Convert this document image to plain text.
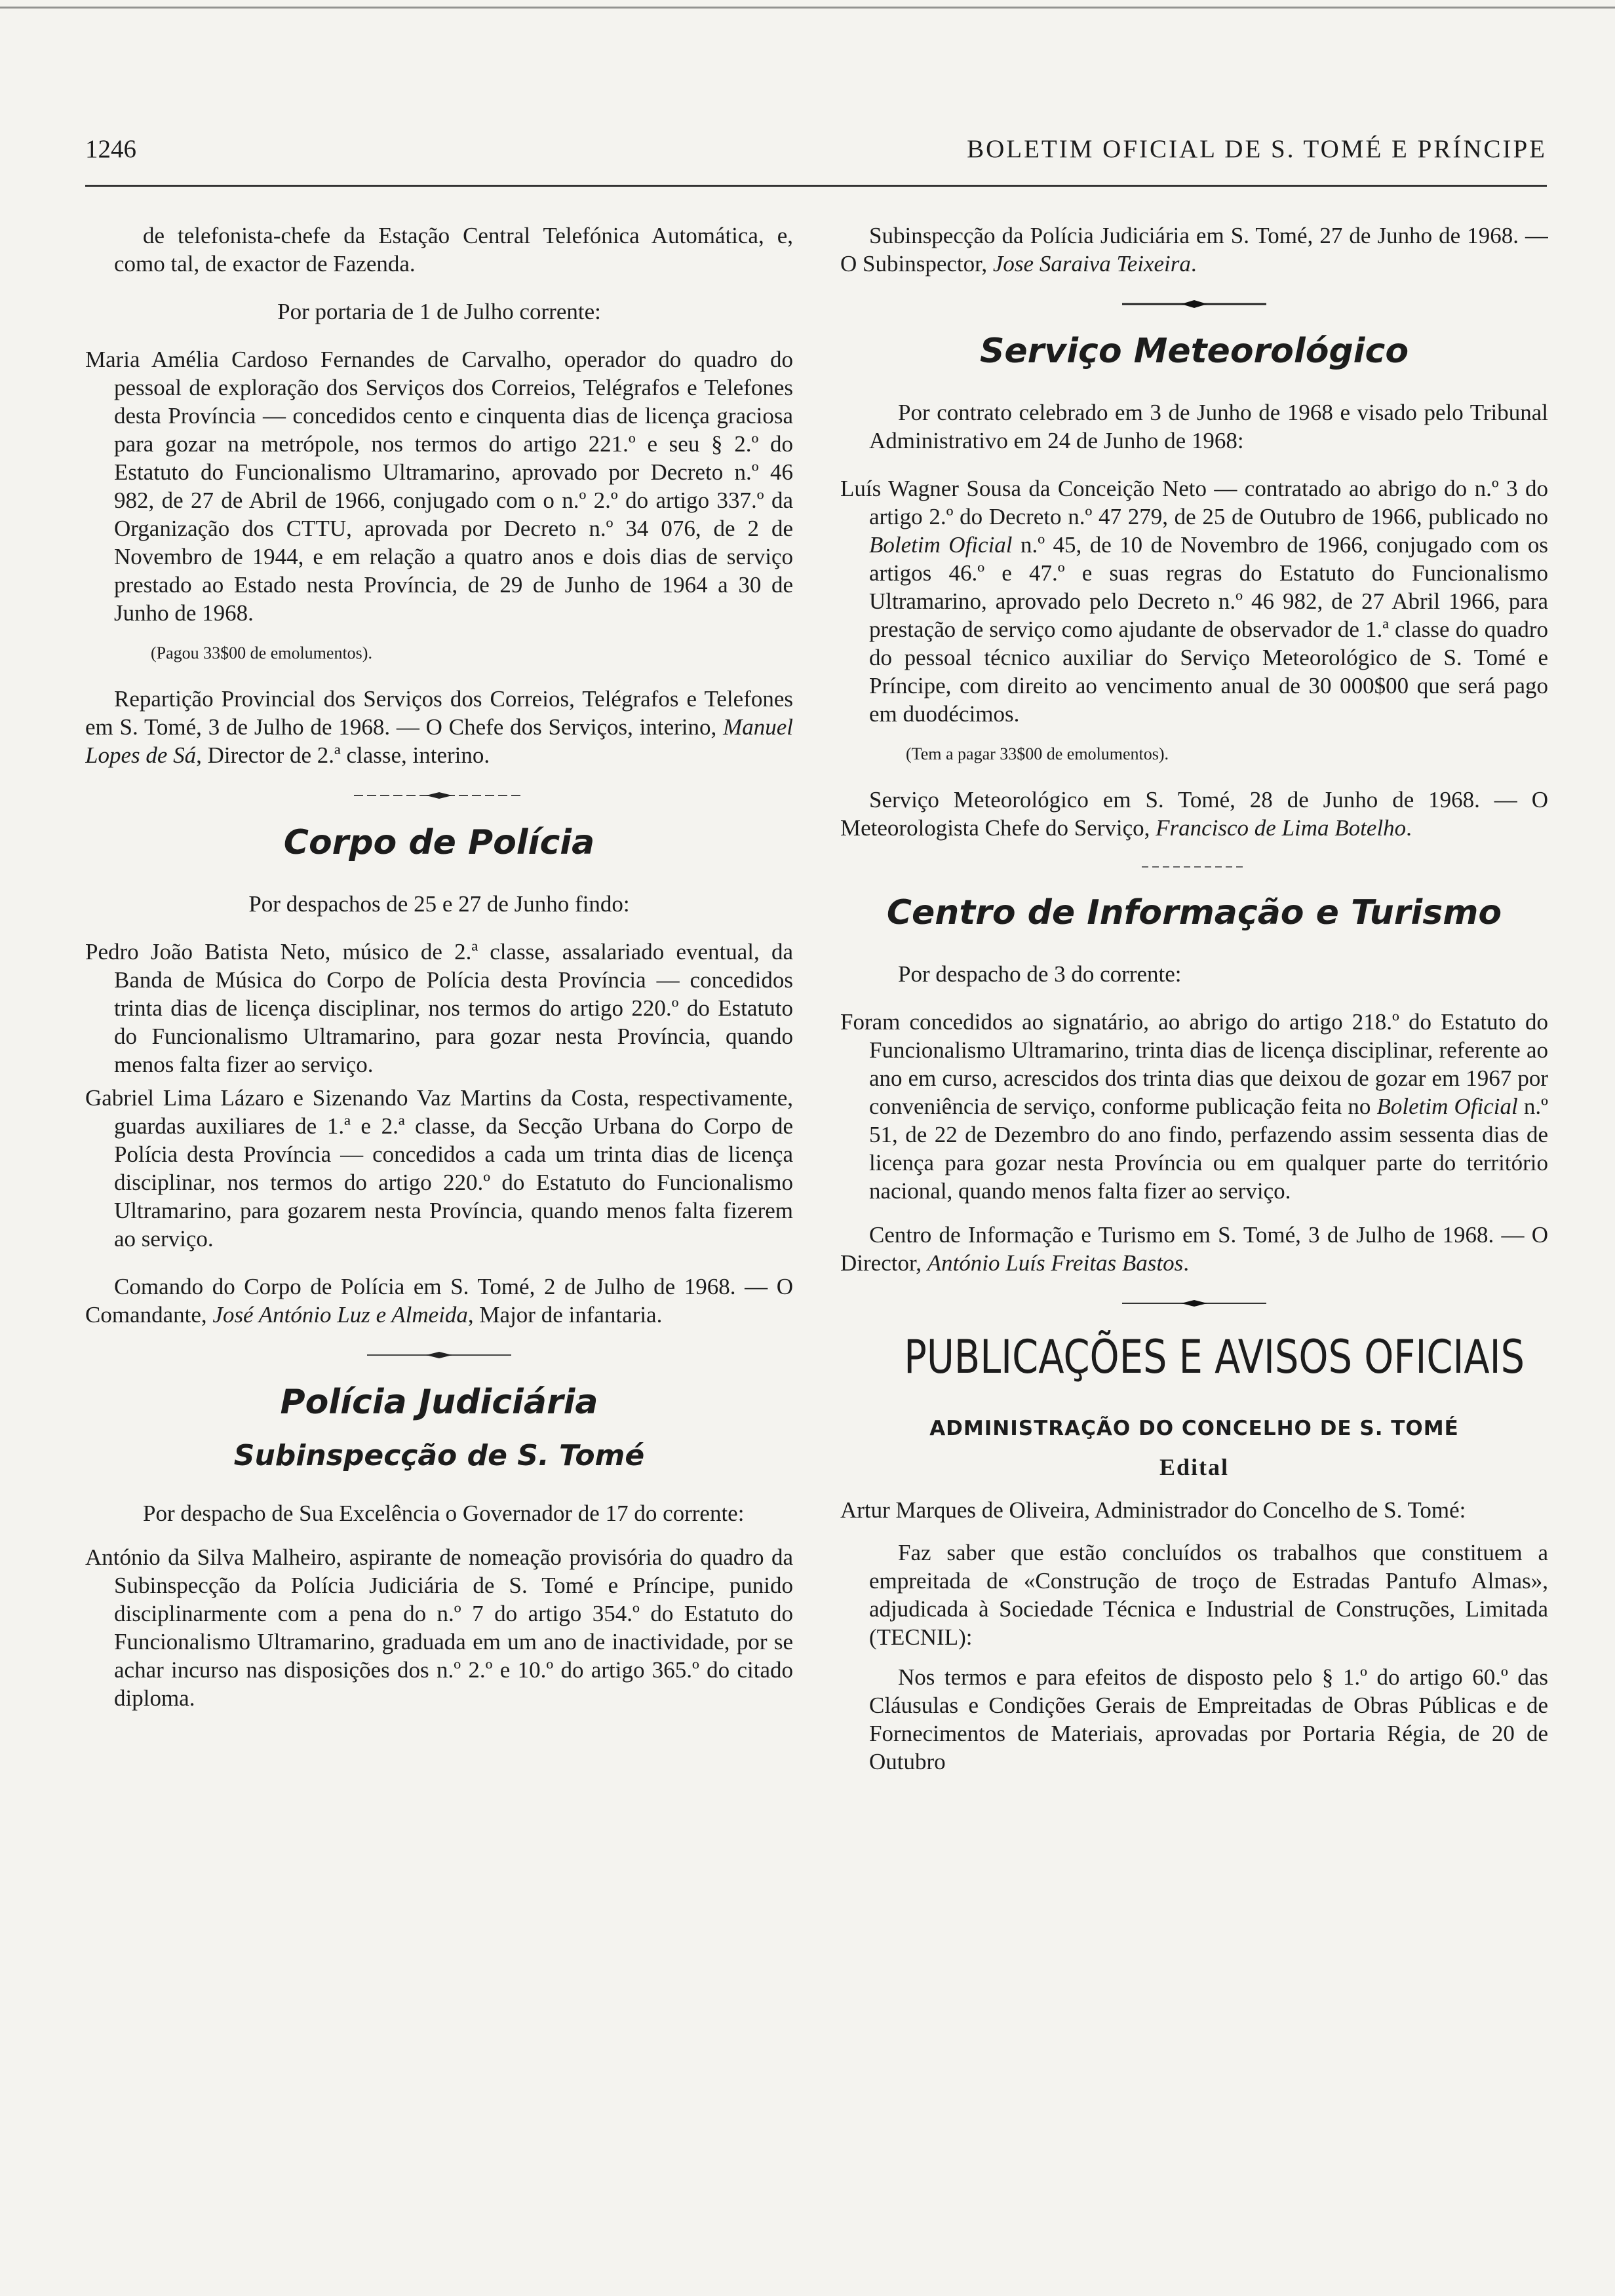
1246	BOLETIM OFICIAL DE S. TOMÉ E PRÍNCIPE

de telefonista-chefe da Estação Central Telefónica Automática, e, como tal, de exactor de Fazenda.

Por portaria de 1 de Julho corrente:

Maria Amélia Cardoso Fernandes de Carvalho, operador do quadro do pessoal de exploração dos Serviços dos Correios, Telégrafos e Telefones desta Província — concedidos cento e cinquenta dias de licença graciosa para gozar na metrópole, nos termos do artigo 221.º e seu § 2.º do Estatuto do Funcionalismo Ultramarino, aprovado por Decreto n.º 46 982, de 27 de Abril de 1966, conjugado com o n.º 2.º do artigo 337.º da Organização dos CTTU, aprovada por Decreto n.º 34 076, de 2 de Novembro de 1944, e em relação a quatro anos e dois dias de serviço prestado ao Estado nesta Província, de 29 de Junho de 1964 a 30 de Junho de 1968.

(Pagou 33$00 de emolumentos).

Repartição Provincial dos Serviços dos Correios, Telégrafos e Telefones em S. Tomé, 3 de Julho de 1968. — O Chefe dos Serviços, interino, Manuel Lopes de Sá, Director de 2.ª classe, interino.

Corpo de Polícia

Por despachos de 25 e 27 de Junho findo:

Pedro João Batista Neto, músico de 2.ª classe, assalariado eventual, da Banda de Música do Corpo de Polícia desta Província — concedidos trinta dias de licença disciplinar, nos termos do artigo 220.º do Estatuto do Funcionalismo Ultramarino, para gozar nesta Província, quando menos falta fizer ao serviço.

Gabriel Lima Lázaro e Sizenando Vaz Martins da Costa, respectivamente, guardas auxiliares de 1.ª e 2.ª classe, da Secção Urbana do Corpo de Polícia desta Província — concedidos a cada um trinta dias de licença disciplinar, nos termos do artigo 220.º do Estatuto do Funcionalismo Ultramarino, para gozarem nesta Província, quando menos falta fizerem ao serviço.

Comando do Corpo de Polícia em S. Tomé, 2 de Julho de 1968. — O Comandante, José António Luz e Almeida, Major de infantaria.

Polícia Judiciária
Subinspecção de S. Tomé

Por despacho de Sua Excelência o Governador de 17 do corrente:

António da Silva Malheiro, aspirante de nomeação provisória do quadro da Subinspecção da Polícia Judiciária de S. Tomé e Príncipe, punido disciplinarmente com a pena do n.º 7 do artigo 354.º do Estatuto do Funcionalismo Ultramarino, graduada em um ano de inactividade, por se achar incurso nas disposições dos n.º 2.º e 10.º do artigo 365.º do citado diploma.

Subinspecção da Polícia Judiciária em S. Tomé, 27 de Junho de 1968. — O Subinspector, Jose Saraiva Teixeira.

Serviço Meteorológico

Por contrato celebrado em 3 de Junho de 1968 e visado pelo Tribunal Administrativo em 24 de Junho de 1968:

Luís Wagner Sousa da Conceição Neto — contratado ao abrigo do n.º 3 do artigo 2.º do Decreto n.º 47 279, de 25 de Outubro de 1966, publicado no Boletim Oficial n.º 45, de 10 de Novembro de 1966, conjugado com os artigos 46.º e 47.º e suas regras do Estatuto do Funcionalismo Ultramarino, aprovado pelo Decreto n.º 46 982, de 27 Abril 1966, para prestação de serviço como ajudante de observador de 1.ª classe do quadro do pessoal técnico auxiliar do Serviço Meteorológico de S. Tomé e Príncipe, com direito ao vencimento anual de 30 000$00 que será pago em duodécimos.

(Tem a pagar 33$00 de emolumentos).

Serviço Meteorológico em S. Tomé, 28 de Junho de 1968. — O Meteorologista Chefe do Serviço, Francisco de Lima Botelho.

Centro de Informação e Turismo

Por despacho de 3 do corrente:

Foram concedidos ao signatário, ao abrigo do artigo 218.º do Estatuto do Funcionalismo Ultramarino, trinta dias de licença disciplinar, referente ao ano em curso, acrescidos dos trinta dias que deixou de gozar em 1967 por conveniência de serviço, conforme publicação feita no Boletim Oficial n.º 51, de 22 de Dezembro do ano findo, perfazendo assim sessenta dias de licença para gozar nesta Província ou em qualquer parte do território nacional, quando menos falta fizer ao serviço.

Centro de Informação e Turismo em S. Tomé, 3 de Julho de 1968. — O Director, António Luís Freitas Bastos.

PUBLICAÇÕES E AVISOS OFICIAIS
ADMINISTRAÇÃO DO CONCELHO DE S. TOMÉ
Edital

Artur Marques de Oliveira, Administrador do Concelho de S. Tomé:

Faz saber que estão concluídos os trabalhos que constituem a empreitada de «Construção de troço de Estradas Pantufo Almas», adjudicada à Sociedade Técnica e Industrial de Construções, Limitada (TECNIL):

Nos termos e para efeitos de disposto pelo § 1.º do artigo 60.º das Cláusulas e Condições Gerais de Empreitadas de Obras Públicas e de Fornecimentos de Materiais, aprovadas por Portaria Régia, de 20 de Outubro
